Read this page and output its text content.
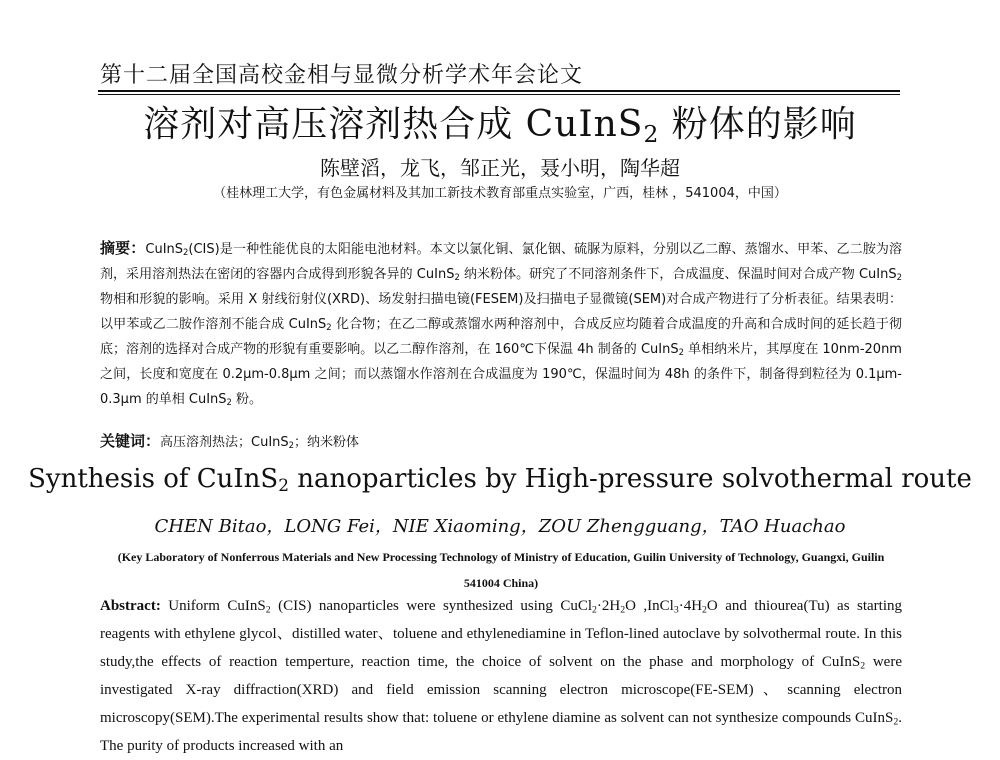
第十二届全国高校金相与显微分析学术年会论文
溶剂对高压溶剂热合成 CuInS$_2$ 粉体的影响
陈壁滔，龙飞，邹正光，聂小明，陶华超
（桂林理工大学，有色金属材料及其加工新技术教育部重点实验室，广西，桂林 ，541004，中国）
摘要：CuInS$_2$(CIS)是一种性能优良的太阳能电池材料。本文以氯化铜、氯化铟、硫脲为原料，分别以乙二醇、蒸馏水、甲苯、乙二胺为溶剂，采用溶剂热法在密闭的容器内合成得到形貌各异的 CuInS$_2$ 纳米粉体。研究了不同溶剂条件下，合成温度、保温时间对合成产物 CuInS$_2$ 物相和形貌的影响。采用 X 射线衍射仪(XRD)、场发射扫描电镜(FESEM)及扫描电子显微镜(SEM)对合成产物进行了分析表征。结果表明：以甲苯或乙二胺作溶剂不能合成 CuInS$_2$ 化合物；在乙二醇或蒸馏水两种溶剂中，合成反应均随着合成温度的升高和合成时间的延长趋于彻底；溶剂的选择对合成产物的形貌有重要影响。以乙二醇作溶剂，在 160℃下保温 4h 制备的 CuInS$_2$ 单相纳米片，其厚度在 10nm-20nm 之间，长度和宽度在 0.2μm-0.8μm 之间；而以蒸馏水作溶剂在合成温度为 190℃，保温时间为 48h 的条件下，制备得到粒径为 0.1μm-0.3μm 的单相 CuInS$_2$ 粉。
关键词：高压溶剂热法；CuInS$_2$；纳米粉体
Synthesis of CuInS$_2$ nanoparticles by High-pressure solvothermal route
CHEN Bitao，LONG Fei，NIE Xiaoming，ZOU Zhengguang，TAO Huachao
(Key Laboratory of Nonferrous Materials and New Processing Technology of Ministry of Education, Guilin University of Technology, Guangxi, Guilin 541004 China)
Abstract: Uniform CuInS$_2$ (CIS) nanoparticles were synthesized using $CuCl_2\cdot 2H_2O$ $,InCl_3\cdot 4H_2O$ and thiourea(Tu) as starting reagents with ethylene glycol、distilled water、toluene and ethylenediamine in Teflon-lined autoclave by solvothermal route. In this study,the effects of reaction temperture, reaction time, the choice of solvent on the phase and morphology of CuInS$_2$ were investigated X-ray diffraction(XRD) and field emission scanning electron microscope(FE-SEM)、scanning electron microscopy(SEM).The experimental results show that: toluene or ethylene diamine as solvent can not synthesize compounds CuInS$_2$. The purity of products increased with an
